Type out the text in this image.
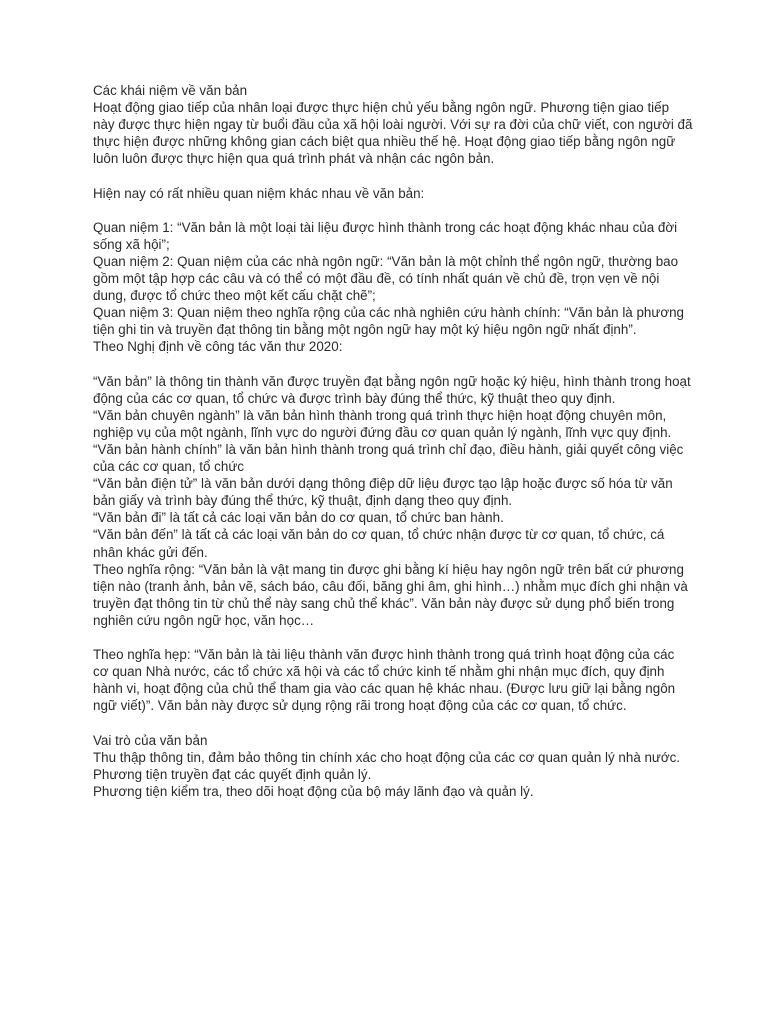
Các khái niệm về văn bản

Hoạt động giao tiếp của nhân loại được thực hiện chủ yếu bằng ngôn ngữ. Phương tiện giao tiếp này được thực hiện ngay từ buổi đầu của xã hội loài người. Với sự ra đời của chữ viết, con người đã thực hiện được những không gian cách biệt qua nhiều thế hệ. Hoạt động giao tiếp bằng ngôn ngữ luôn luôn được thực hiện qua quá trình phát và nhận các ngôn bản.

Hiện nay có rất nhiều quan niệm khác nhau về văn bản:

Quan niệm 1: “Văn bản là một loại tài liệu được hình thành trong các hoạt động khác nhau của đời sống xã hội”;

Quan niệm 2: Quan niệm của các nhà ngôn ngữ: “Văn bản là một chỉnh thể ngôn ngữ, thường bao gồm một tập hợp các câu và có thể có một đầu đề, có tính nhất quán về chủ đề, trọn vẹn về nội dung, được tổ chức theo một kết cấu chặt chẽ”;

Quan niệm 3: Quan niệm theo nghĩa rộng của các nhà nghiên cứu hành chính: “Văn bản là phương tiện ghi tin và truyền đạt thông tin bằng một ngôn ngữ hay một ký hiệu ngôn ngữ nhất định”.

Theo Nghị định về công tác văn thư 2020:

“Văn bản” là thông tin thành văn được truyền đạt bằng ngôn ngữ hoặc ký hiệu, hình thành trong hoạt động của các cơ quan, tổ chức và được trình bày đúng thể thức, kỹ thuật theo quy định.

“Văn bản chuyên ngành” là văn bản hình thành trong quá trình thực hiện hoạt động chuyên môn, nghiệp vụ của một ngành, lĩnh vực do người đứng đầu cơ quan quản lý ngành, lĩnh vực quy định.

“Văn bản hành chính” là văn bản hình thành trong quá trình chỉ đạo, điều hành, giải quyết công việc của các cơ quan, tổ chức

“Văn bản điện tử” là văn bản dưới dạng thông điệp dữ liệu được tạo lập hoặc được số hóa từ văn bản giấy và trình bày đúng thể thức, kỹ thuật, định dạng theo quy định.

“Văn bản đi” là tất cả các loại văn bản do cơ quan, tổ chức ban hành.

“Văn bản đến” là tất cả các loại văn bản do cơ quan, tổ chức nhận được từ cơ quan, tổ chức, cá nhân khác gửi đến.

Theo nghĩa rộng: “Văn bản là vật mang tin được ghi bằng kí hiệu hay ngôn ngữ trên bất cứ phương tiện nào (tranh ảnh, bản vẽ, sách báo, câu đối, băng ghi âm, ghi hình…) nhằm mục đích ghi nhận và truyền đạt thông tin từ chủ thể này sang chủ thể khác”. Văn bản này được sử dụng phổ biến trong nghiên cứu ngôn ngữ học, văn học…

Theo nghĩa hẹp: “Văn bản là tài liệu thành văn được hình thành trong quá trình hoạt động của các cơ quan Nhà nước, các tổ chức xã hội và các tổ chức kinh tế nhằm ghi nhận mục đích, quy định hành vi, hoạt động của chủ thể tham gia vào các quan hệ khác nhau. (Được lưu giữ lại bằng ngôn ngữ viết)”. Văn bản này được sử dụng rộng rãi trong hoạt động của các cơ quan, tổ chức.

Vai trò của văn bản

Thu thập thông tin, đảm bảo thông tin chính xác cho hoạt động của các cơ quan quản lý nhà nước.

Phương tiện truyền đạt các quyết định quản lý.

Phương tiện kiểm tra, theo dõi hoạt động của bộ máy lãnh đạo và quản lý.
